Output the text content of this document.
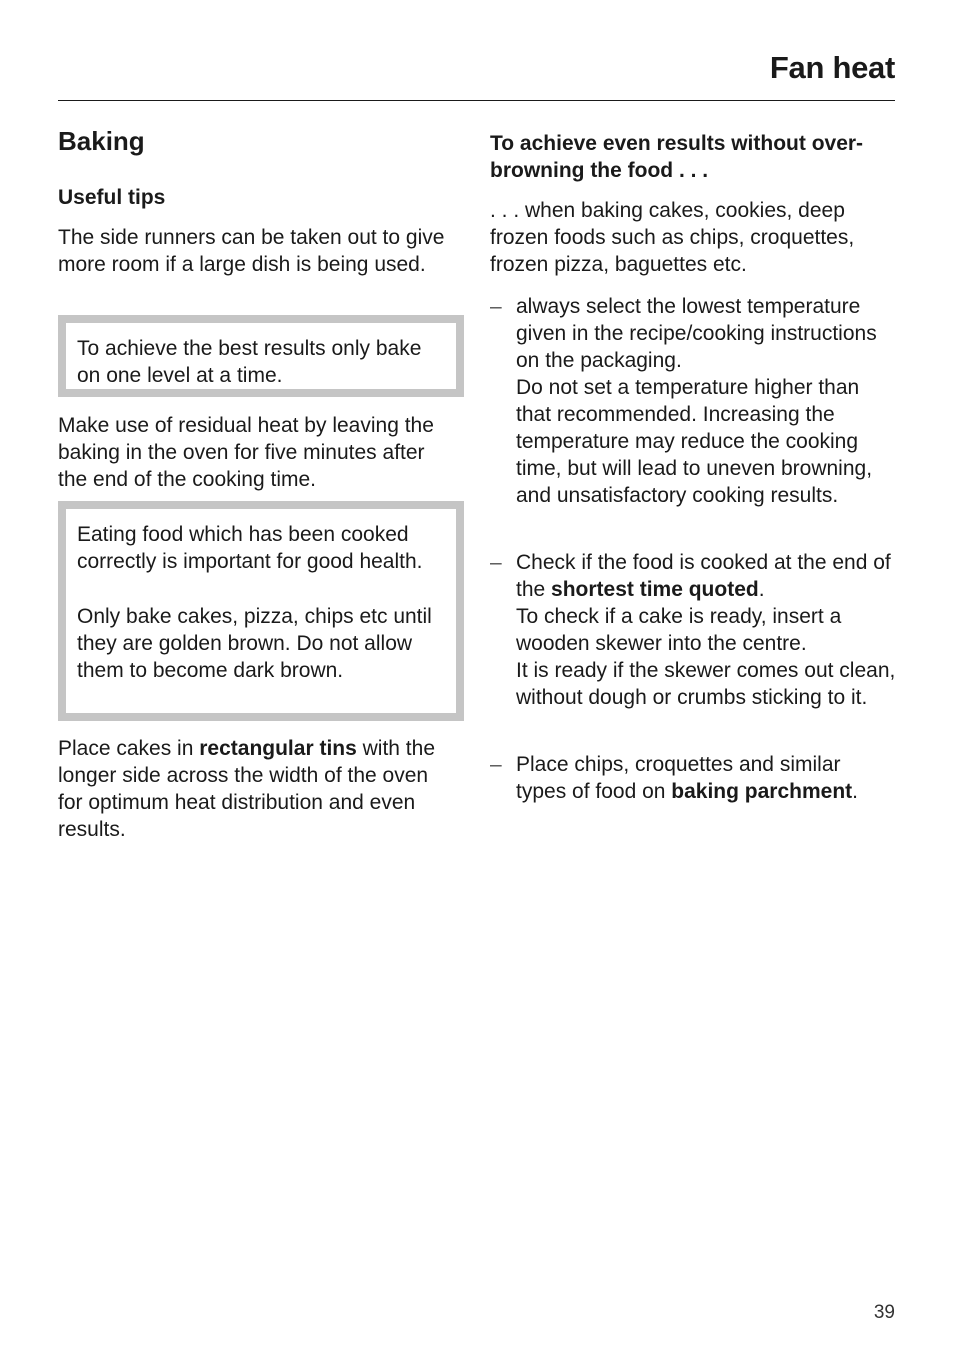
Fan heat
Baking
Useful tips

The side runners can be taken out to give more room if a large dish is being used.

To achieve the best results only bake on one level at a time.

Make use of residual heat by leaving the baking in the oven for five minutes after the end of the cooking time.

Eating food which has been cooked correctly is important for good health.

Only bake cakes, pizza, chips etc until they are golden brown. Do not allow them to become dark brown.

Place cakes in rectangular tins with the longer side across the width of the oven for optimum heat distribution and even results.

To achieve even results without over-browning the food . . .

. . . when baking cakes, cookies, deep frozen foods such as chips, croquettes, frozen pizza, baguettes etc.

– always select the lowest temperature given in the recipe/cooking instructions on the packaging.
Do not set a temperature higher than that recommended. Increasing the temperature may reduce the cooking time, but will lead to uneven browning, and unsatisfactory cooking results.

– Check if the food is cooked at the end of the shortest time quoted.
To check if a cake is ready, insert a wooden skewer into the centre.
It is ready if the skewer comes out clean, without dough or crumbs sticking to it.

– Place chips, croquettes and similar types of food on baking parchment.

39
